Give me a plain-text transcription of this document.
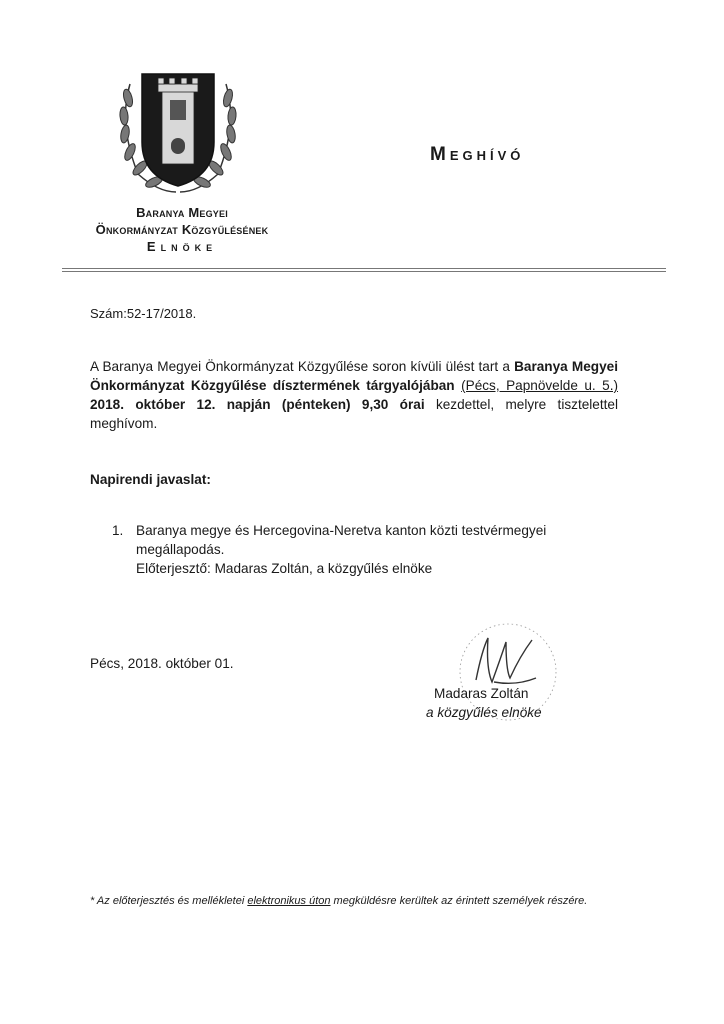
Baranya Megyei
Önkormányzat Közgyűlésének
Elnöke
Meghívó
Szám:52-17/2018.
A Baranya Megyei Önkormányzat Közgyűlése soron kívüli ülést tart a Baranya Megyei Önkormányzat Közgyűlése dísztermének tárgyalójában (Pécs, Papnövelde u. 5.) 2018. október 12. napján (pénteken) 9,30 órai kezdettel, melyre tisztelettel meghívom.
Napirendi javaslat:
1. Baranya megye és Hercegovina-Neretva kanton közti testvérmegyei megállapodás.
Előterjesztő: Madaras Zoltán, a közgyűlés elnöke
Pécs, 2018. október 01.
Madaras Zoltán
a közgyűlés elnöke
* Az előterjesztés és mellékletei elektronikus úton megküldésre kerültek az érintett személyek részére.
